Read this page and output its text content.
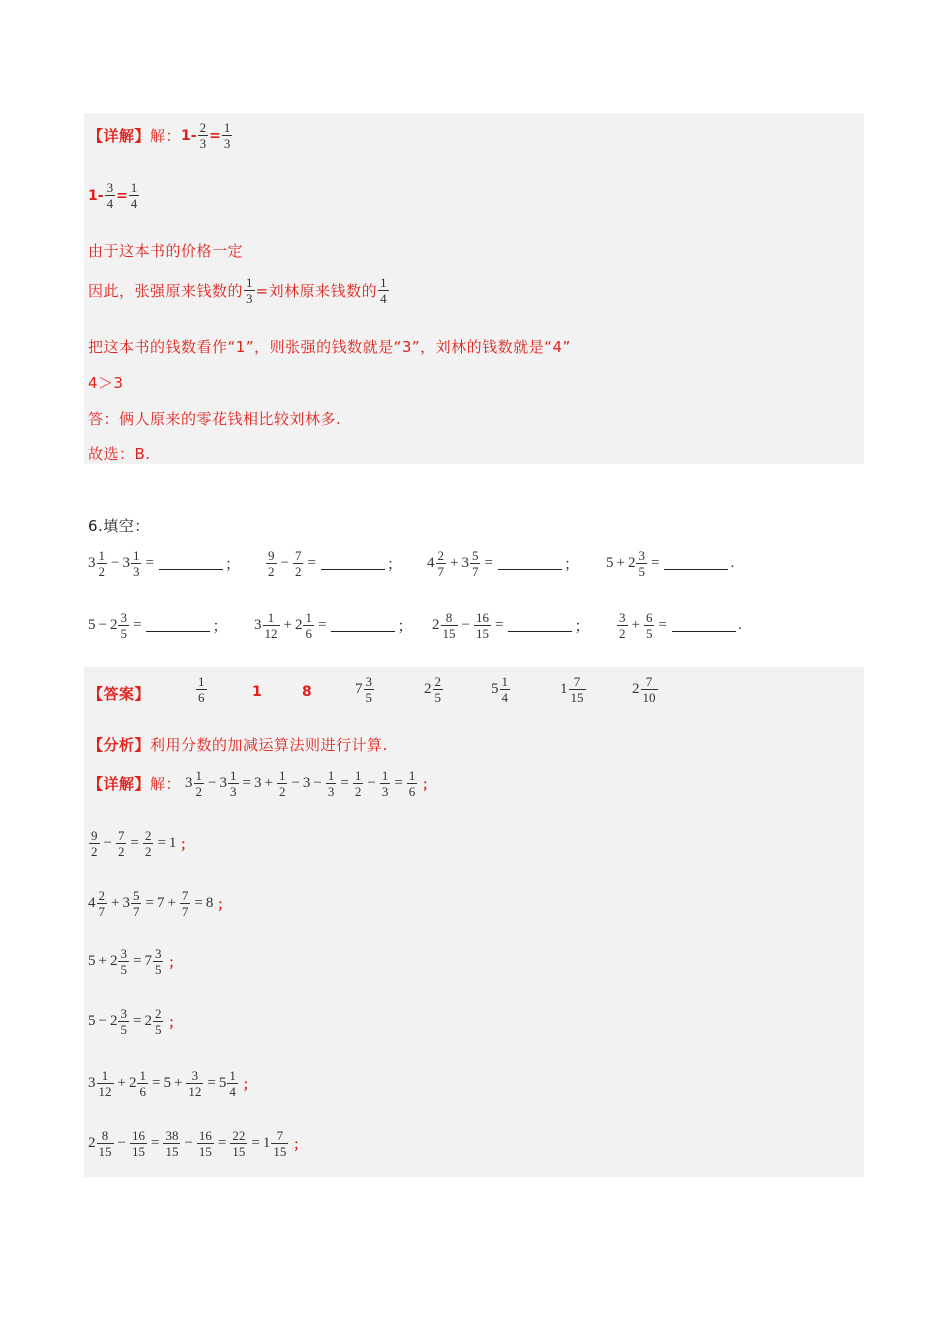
【详解】 解： $1- \frac{2}{3} = \frac{1}{3}$
$1- \frac{3}{4} = \frac{1}{4}$
由于这本书的价格一定
因此，张强原来钱数的 $\frac{1}{3}$ =刘林原来钱数的 $\frac{1}{4}$
把这本书的钱数看作“1”，则张强的钱数就是“3”，刘林的钱数就是“4”
4＞3
答：俩人原来的零花钱相比较刘林多.
故选：B.
6.填空：
$3 \frac{1}{2} - 3 \frac{1}{3}$ =	； $\frac{9}{2} - \frac{7}{2}$ =	； $4 \frac{2}{7} + 3 \frac{5}{7}$ =	； $5 + 2 \frac{3}{5}$ =	.
$5 - 2 \frac{3}{5}$ =	； $3 \frac{1}{12} + 2 \frac{1}{6}$ =	； $2 \frac{8}{15} - \frac{16}{15}$ =	； $\frac{3}{2} + \frac{6}{5}$ =	.
【答案】	$\frac{1}{6}$	1	8	$7 \frac{3}{5}$	$2 \frac{2}{5}$	$5 \frac{1}{4}$	$1 \frac{7}{15}$	$2 \frac{7}{10}$
【分析】 利用分数的加减运算法则进行计算.
【详解】 解： $3 \frac{1}{2} - 3 \frac{1}{3} = 3 + \frac{1}{2} - 3 - \frac{1}{3} = \frac{1}{2} - \frac{1}{3} = \frac{1}{6}$ ；
$\frac{9}{2} - \frac{7}{2} = \frac{2}{2} = 1$ ；
$4 \frac{2}{7} + 3 \frac{5}{7} = 7 + \frac{7}{7} = 8$ ；
$5 + 2 \frac{3}{5} = 7 \frac{3}{5}$ ；
$5 - 2 \frac{3}{5} = 2 \frac{2}{5}$ ；
$3 \frac{1}{12} + 2 \frac{1}{6} = 5 + \frac{3}{12} = 5 \frac{1}{4}$ ；
$2 \frac{8}{15} - \frac{16}{15} = \frac{38}{15} - \frac{16}{15} = \frac{22}{15} = 1 \frac{7}{15}$ ；
